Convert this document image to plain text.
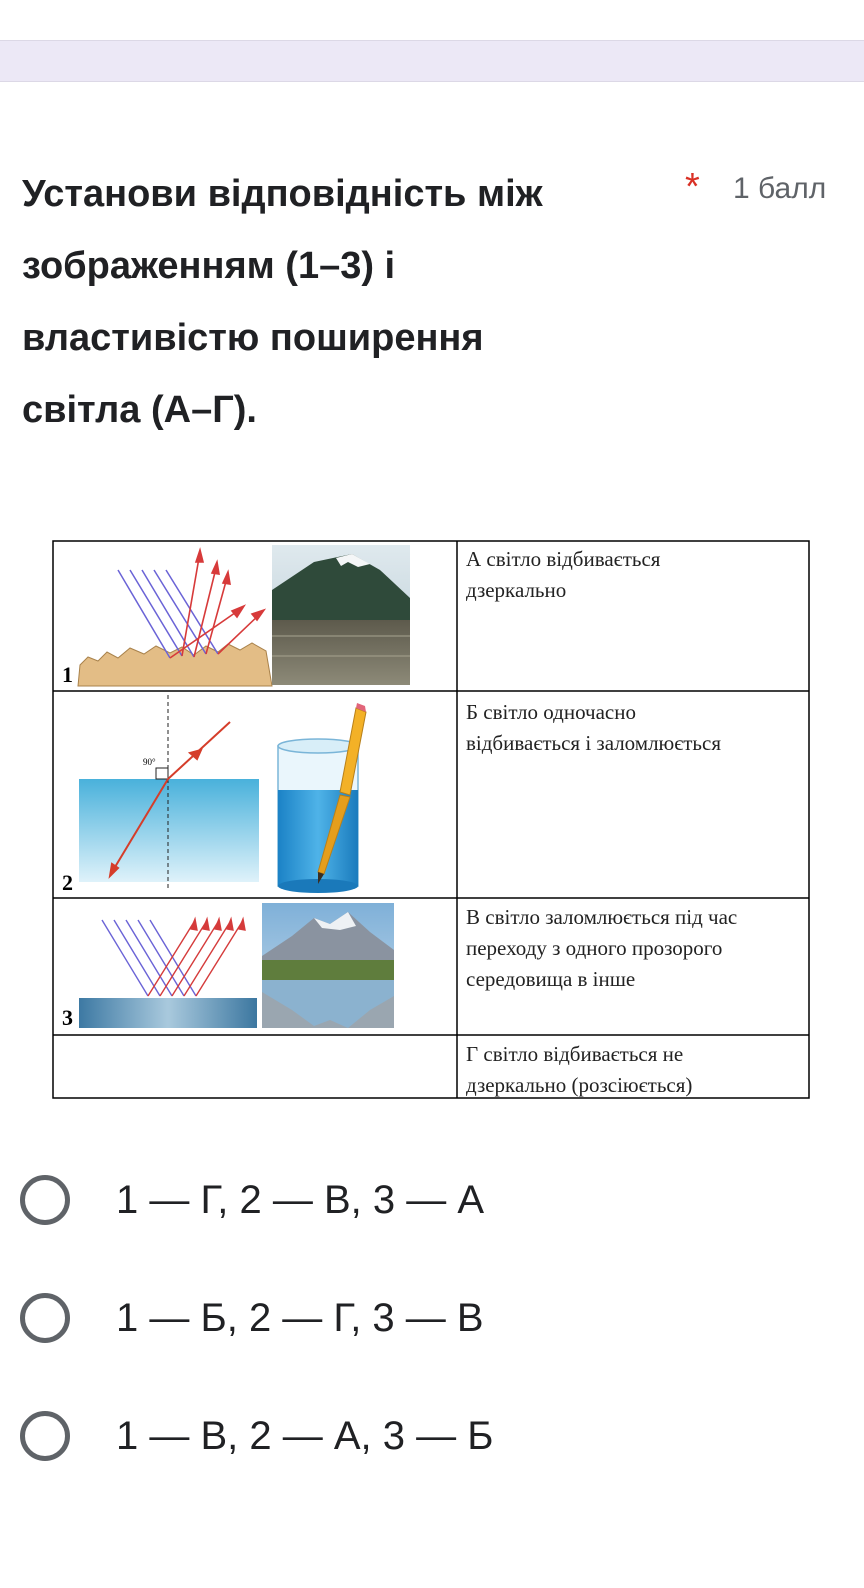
Установи відповідність між
зображенням (1–3) і
властивістю поширення
світла (А–Г).
* 1 балл
1
2
3
90°
А світло відбивається
дзеркально
Б світло одночасно
відбивається і заломлюється
В світло заломлюється під час
переходу з одного прозорого
середовища в інше
Г світло відбивається не
дзеркально (розсіюється)
1 — Г, 2 — В, 3 — А
1 — Б, 2 — Г, 3 — В
1 — В, 2 — А, 3 — Б
